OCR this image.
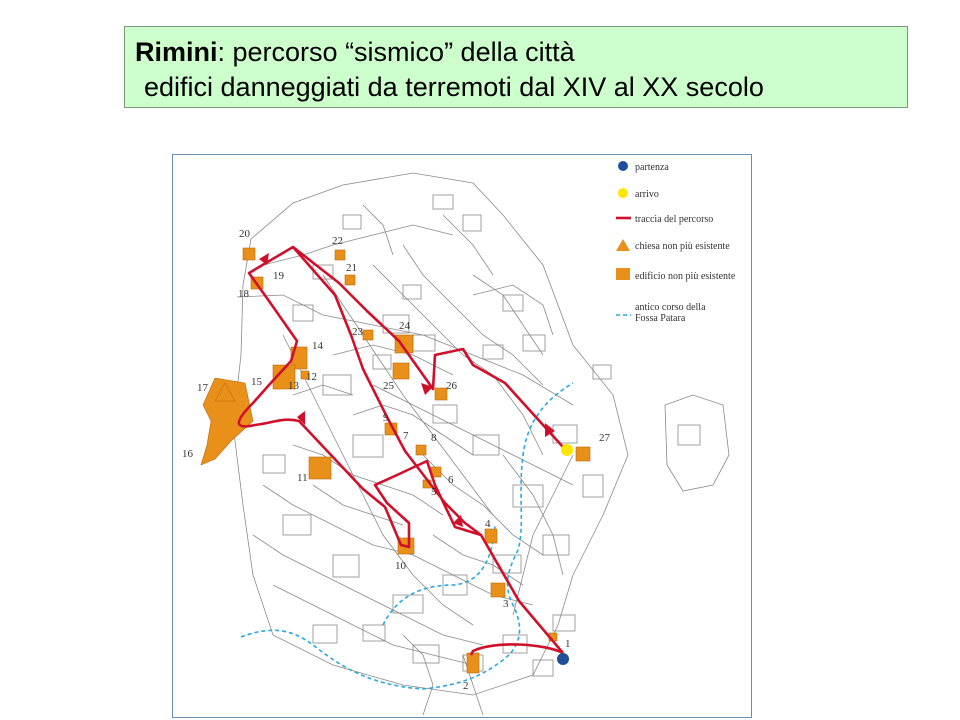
Rimini: percorso “sismico” della città
edifici danneggiati da terremoti dal XIV al XX secolo
1
2
3
4
5
6
7 8
9
10
11
12
13
14
15
16
17
18
19
20
21
22
23	24
25	26
27
partenza
arrivo
traccia del percorso
chiesa non più esistente
edificio non più esistente
antico corso della
Fossa Patara
